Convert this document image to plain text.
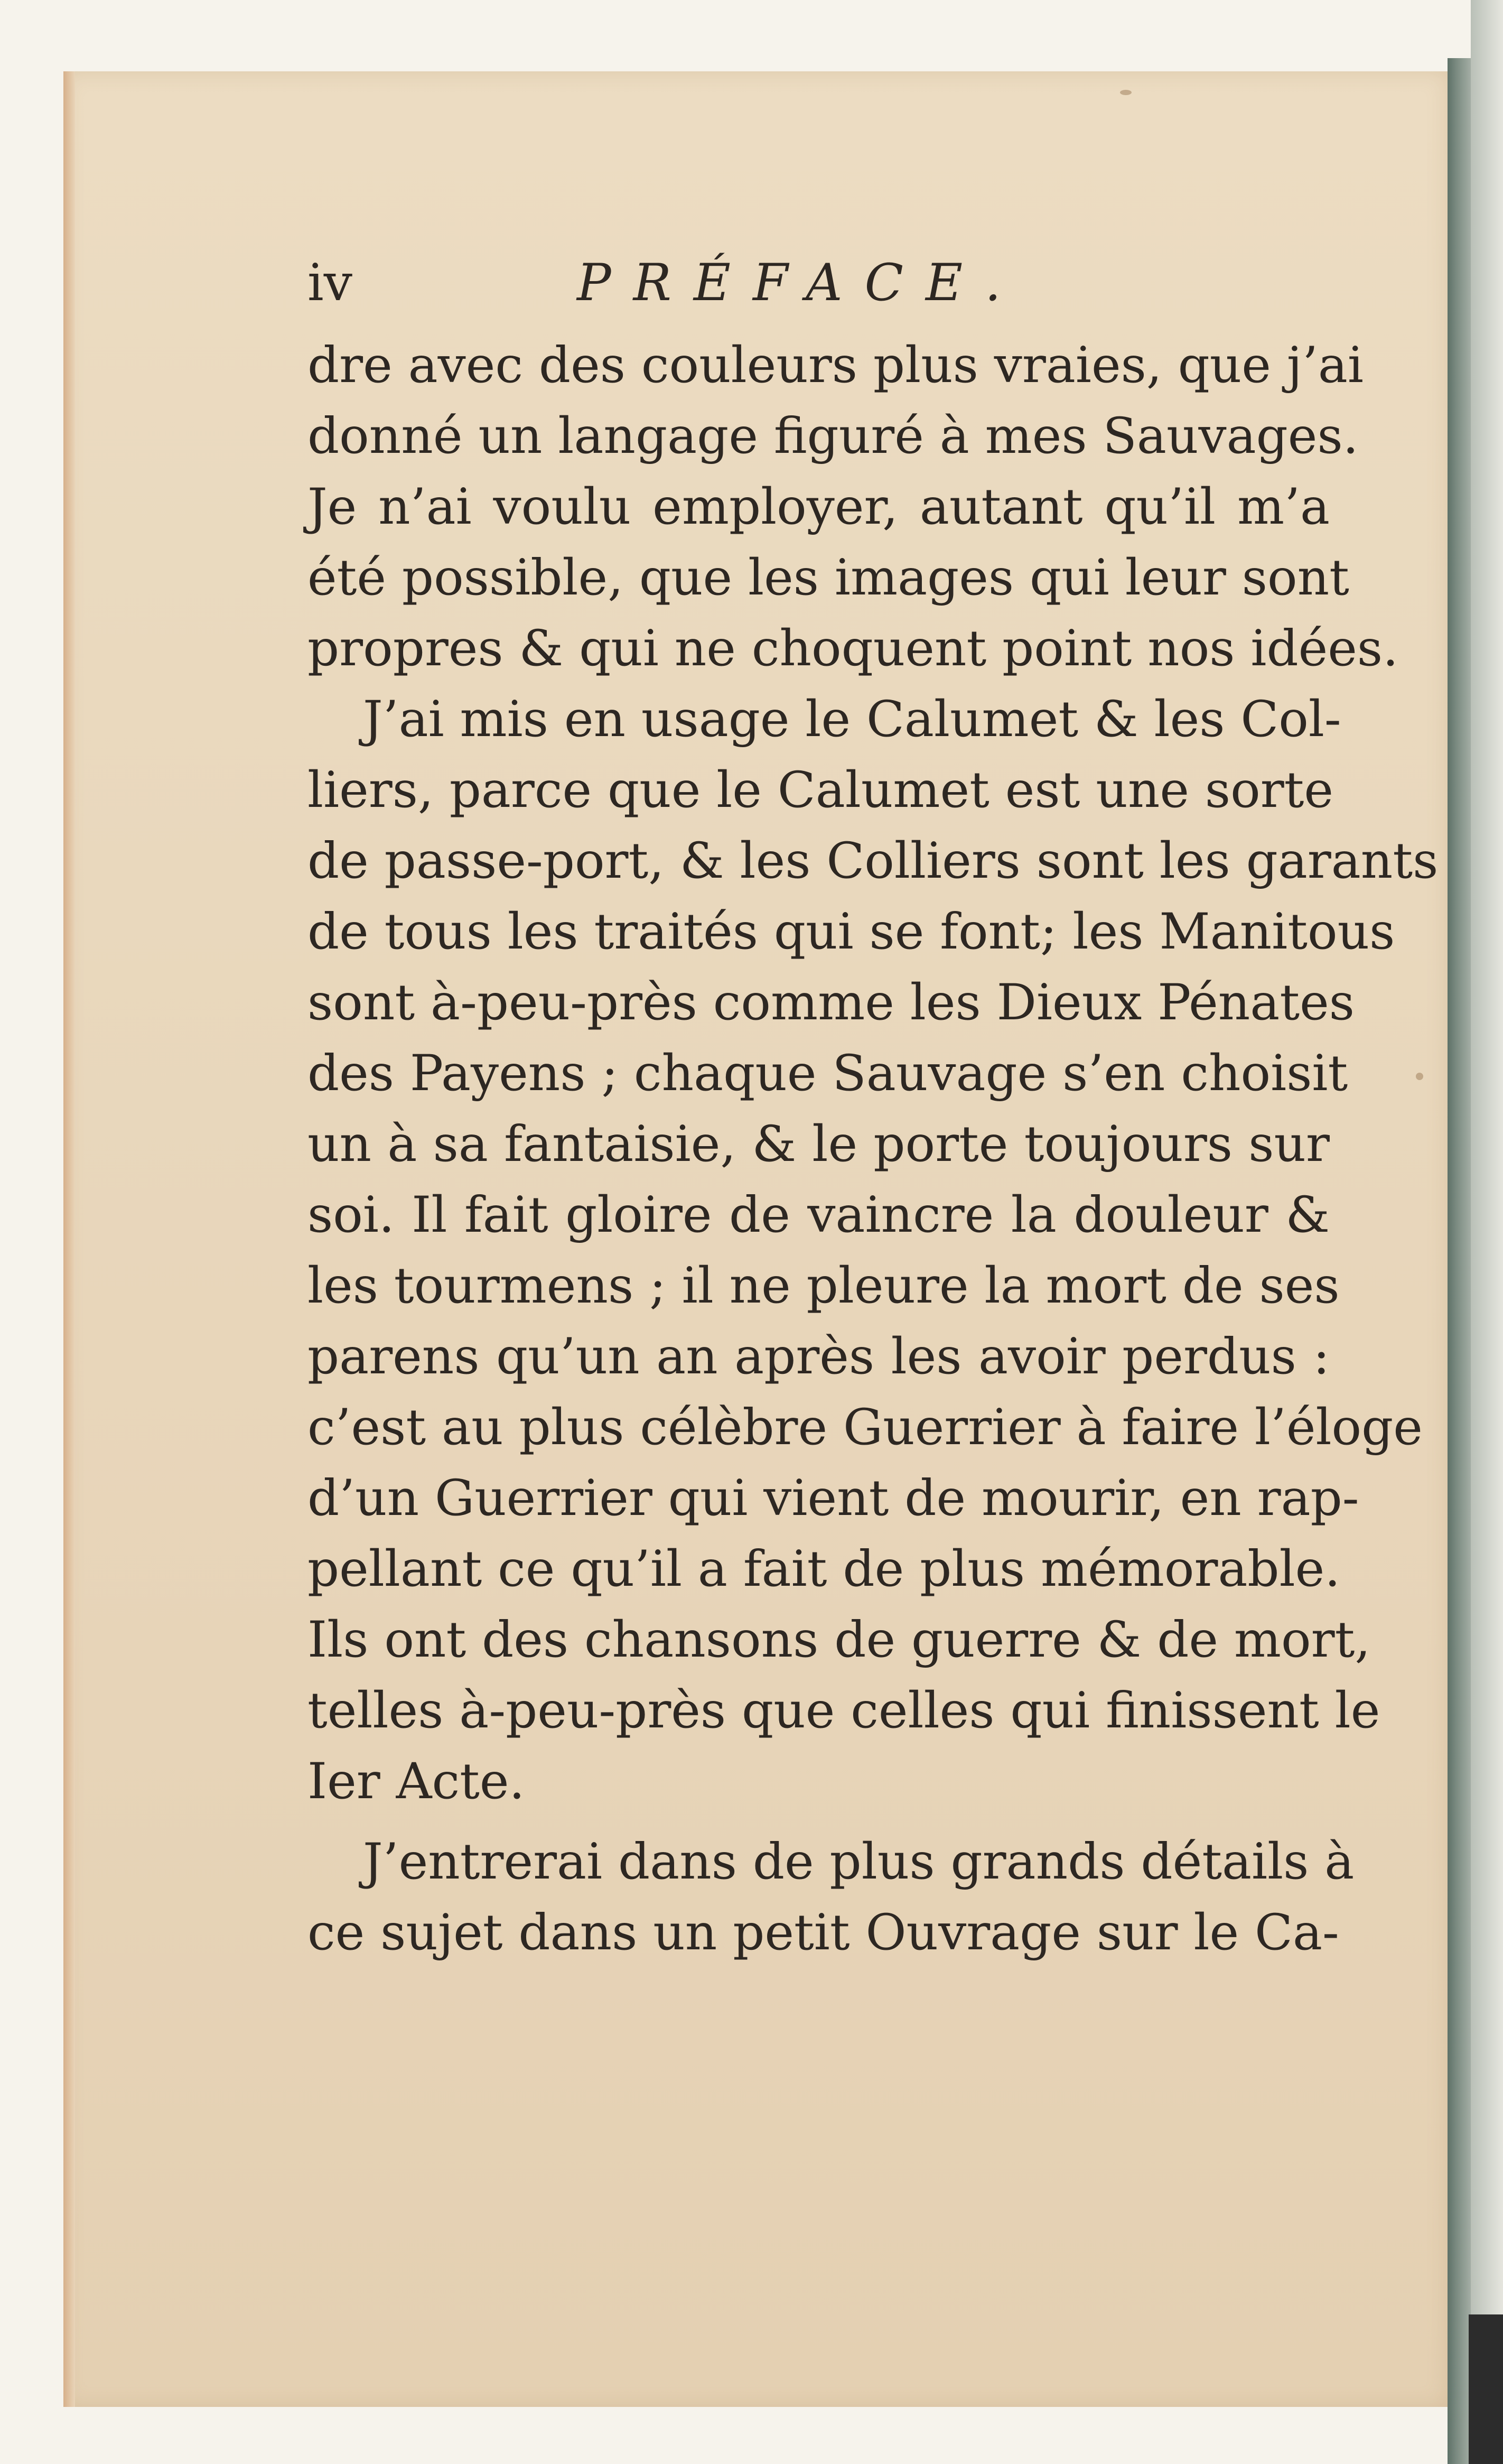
iv	PRÉFACE.
dre avec des couleurs plus vraies, que j’ai
donné un langage figuré à mes Sauvages.
Je n’ai voulu employer, autant qu’il m’a
été possible, que les images qui leur sont
propres & qui ne choquent point nos idées.
J’ai mis en usage le Calumet & les Col-
liers, parce que le Calumet est une sorte
de passe-port, & les Colliers sont les garants
de tous les traités qui se font; les Manitous
sont à-peu-près comme les Dieux Pénates
des Payens ; chaque Sauvage s’en choisit
un à sa fantaisie, & le porte toujours sur
soi. Il fait gloire de vaincre la douleur &
les tourmens ; il ne pleure la mort de ses
parens qu’un an après les avoir perdus :
c’est au plus célèbre Guerrier à faire l’éloge
d’un Guerrier qui vient de mourir, en rap-
pellant ce qu’il a fait de plus mémorable.
Ils ont des chansons de guerre & de mort,
telles à-peu-près que celles qui finissent le
Ier Acte.
J’entrerai dans de plus grands détails à
ce sujet dans un petit Ouvrage sur le Ca-
